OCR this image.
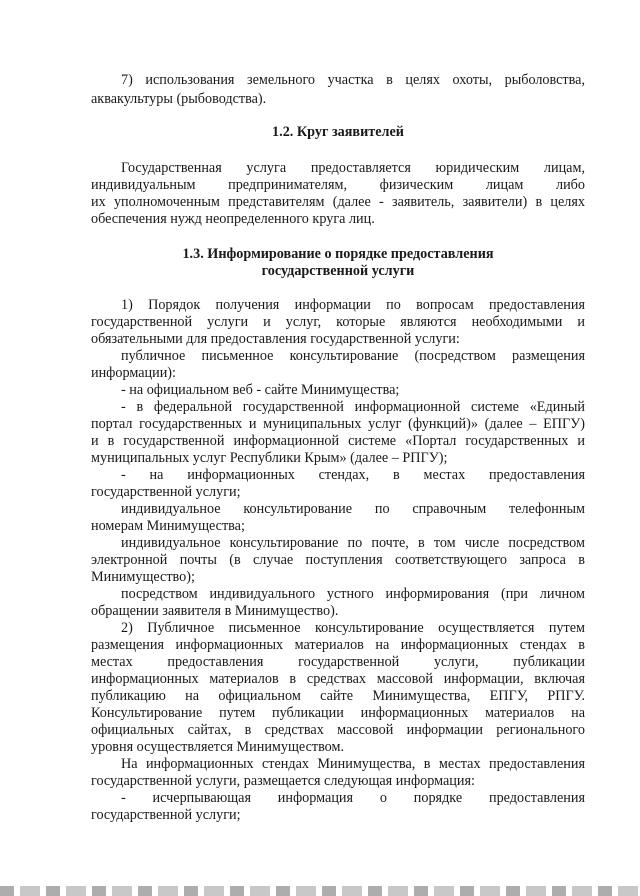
7) использования земельного участка в целях охоты, рыболовства,
аквакультуры (рыбоводства).
1.2. Круг заявителей
Государственная услуга предоставляется юридическим лицам,
индивидуальным предпринимателям, физическим лицам либо
их уполномоченным представителям (далее - заявитель, заявители) в целях
обеспечения нужд неопределенного круга лиц.
1.3. Информирование о порядке предоставления
государственной услуги
1) Порядок получения информации по вопросам предоставления
государственной услуги и услуг, которые являются необходимыми и
обязательными для предоставления государственной услуги:
публичное письменное консультирование (посредством размещения
информации):
- на официальном веб - сайте Минимущества;
- в федеральной государственной информационной системе «Единый
портал государственных и муниципальных услуг (функций)» (далее – ЕПГУ)
и в государственной информационной системе «Портал государственных и
муниципальных услуг Республики Крым» (далее – РПГУ);
- на информационных стендах, в местах предоставления
государственной услуги;
индивидуальное консультирование по справочным телефонным
номерам Минимущества;
индивидуальное консультирование по почте, в том числе посредством
электронной почты (в случае поступления соответствующего запроса в
Минимущество);
посредством индивидуального устного информирования (при личном
обращении заявителя в Минимущество).
2) Публичное письменное консультирование осуществляется путем
размещения информационных материалов на информационных стендах в
местах предоставления государственной услуги, публикации
информационных материалов в средствах массовой информации, включая
публикацию на официальном сайте Минимущества, ЕПГУ, РПГУ.
Консультирование путем публикации информационных материалов на
официальных сайтах, в средствах массовой информации регионального
уровня осуществляется Минимуществом.
На информационных стендах Минимущества, в местах предоставления
государственной услуги, размещается следующая информация:
- исчерпывающая информация о порядке предоставления
государственной услуги;
